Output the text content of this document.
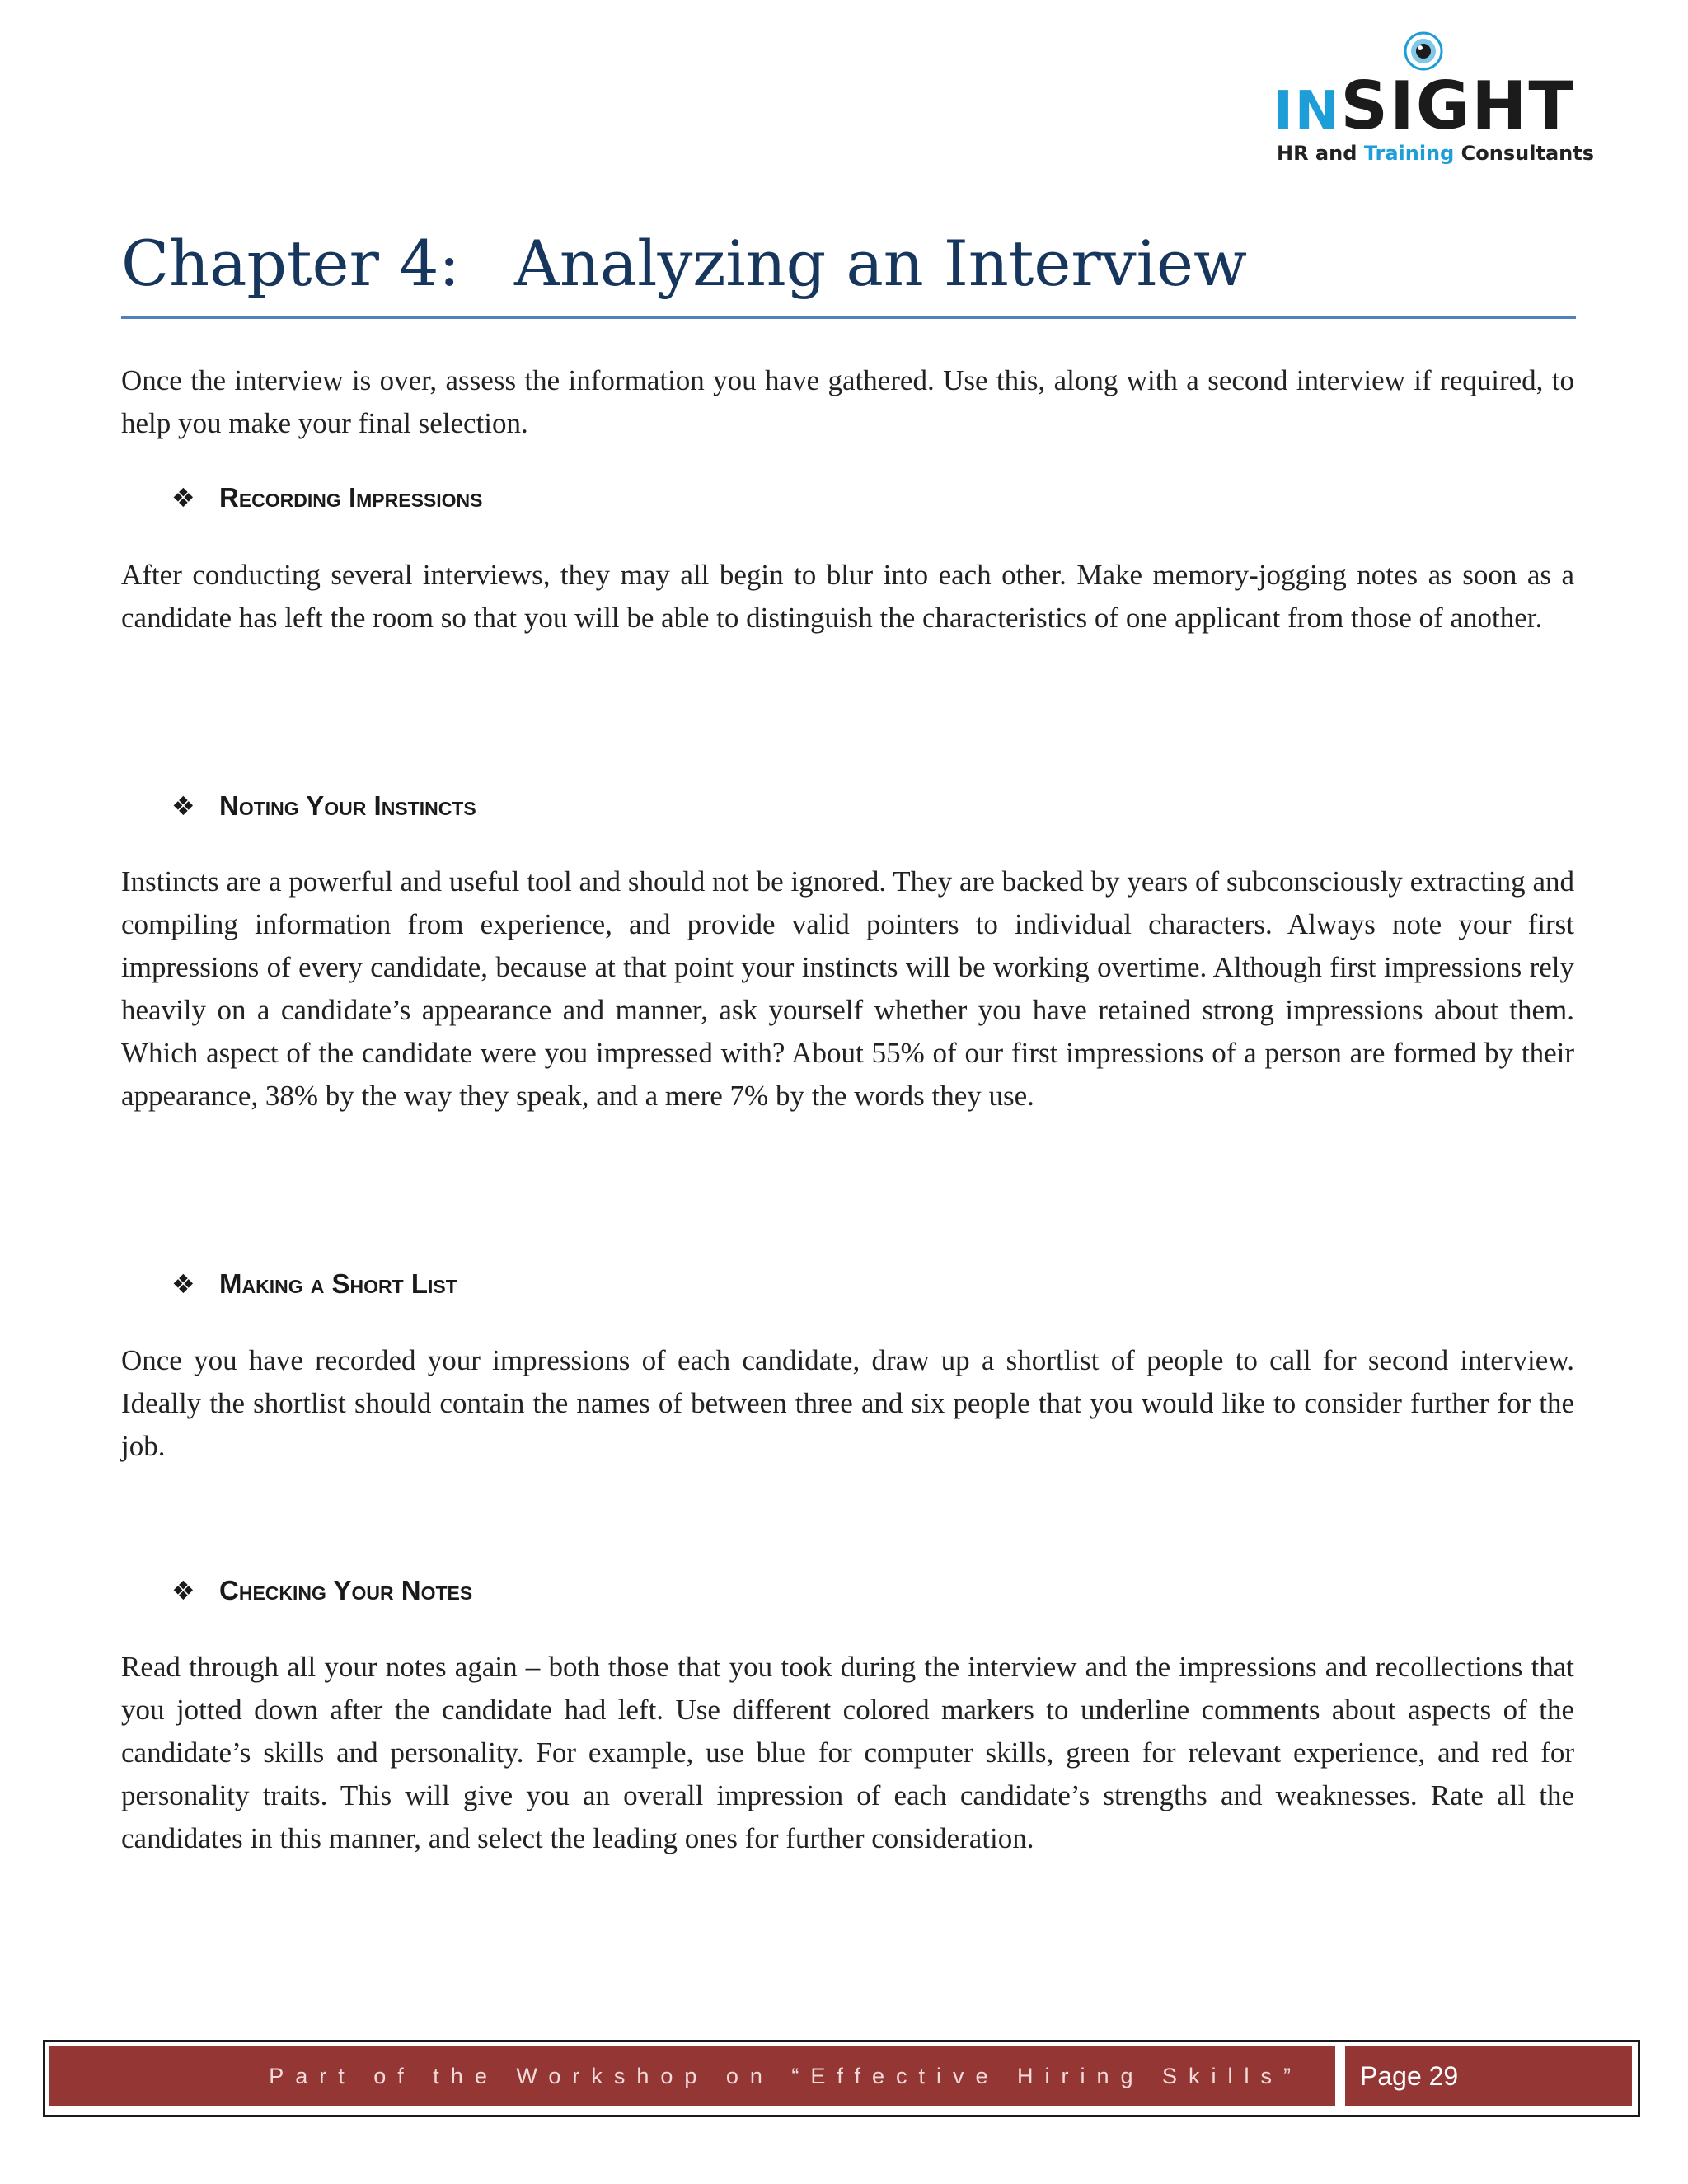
INSIGHT
HR and Training Consultants
Chapter 4: Analyzing an Interview

Once the interview is over, assess the information you have gathered. Use this, along with a second interview if required, to help you make your final selection.

❖ Recording Impressions

After conducting several interviews, they may all begin to blur into each other. Make memory-jogging notes as soon as a candidate has left the room so that you will be able to distinguish the characteristics of one applicant from those of another.

❖ Noting Your Instincts

Instincts are a powerful and useful tool and should not be ignored. They are backed by years of subconsciously extracting and compiling information from experience, and provide valid pointers to individual characters. Always note your first impressions of every candidate, because at that point your instincts will be working overtime. Although first impressions rely heavily on a candidate’s appearance and manner, ask yourself whether you have retained strong impressions about them. Which aspect of the candidate were you impressed with? About 55% of our first impressions of a person are formed by their appearance, 38% by the way they speak, and a mere 7% by the words they use.

❖ Making a Short List

Once you have recorded your impressions of each candidate, draw up a shortlist of people to call for second interview. Ideally the shortlist should contain the names of between three and six people that you would like to consider further for the job.

❖ Checking Your Notes

Read through all your notes again – both those that you took during the interview and the impressions and recollections that you jotted down after the candidate had left. Use different colored markers to underline comments about aspects of the candidate’s skills and personality. For example, use blue for computer skills, green for relevant experience, and red for personality traits. This will give you an overall impression of each candidate’s strengths and weaknesses. Rate all the candidates in this manner, and select the leading ones for further consideration.

Part of the Workshop on “Effective Hiring Skills”	Page 29
